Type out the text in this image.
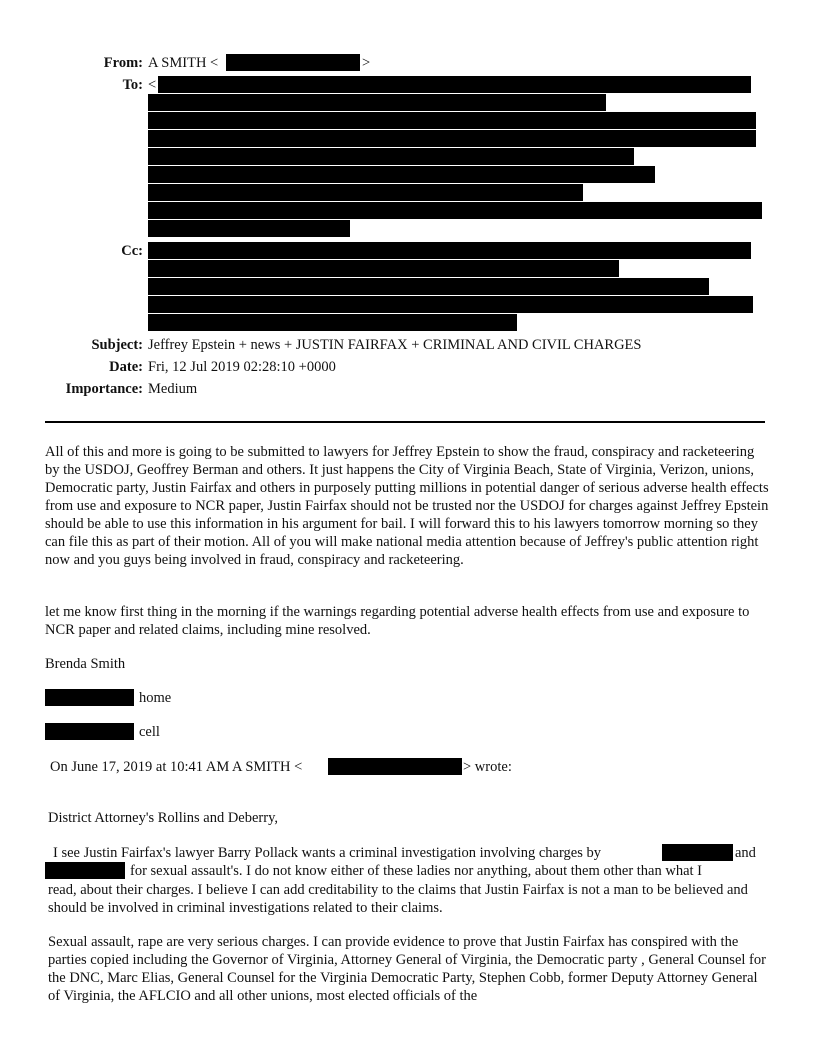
From: A SMITH <	>
To: <
Cc:
Subject: Jeffrey Epstein + news + JUSTIN FAIRFAX + CRIMINAL AND CIVIL CHARGES
Date: Fri, 12 Jul 2019 02:28:10 +0000
Importance: Medium

All of this and more is going to be submitted to lawyers for Jeffrey Epstein to show the fraud, conspiracy and racketeering by the USDOJ, Geoffrey Berman and others. It just happens the City of Virginia Beach, State of Virginia, Verizon, unions, Democratic party, Justin Fairfax and others in purposely putting millions in potential danger of serious adverse health effects from use and exposure to NCR paper, Justin Fairfax should not be trusted nor the USDOJ for charges against Jeffrey Epstein should be able to use this information in his argument for bail. I will forward this to his lawyers tomorrow morning so they can file this as part of their motion. All of you will make national media attention because of Jeffrey's public attention right now and you guys being involved in fraud, conspiracy and racketeering.

let me know first thing in the morning if the warnings regarding potential adverse health effects from use and exposure to NCR paper and related claims, including mine resolved.

Brenda Smith
home
cell
On June 17, 2019 at 10:41 AM A SMITH <	> wrote:
District Attorney's Rollins and Deberry,
I see Justin Fairfax's lawyer Barry Pollack wants a criminal investigation involving charges by	and
for sexual assault's. I do not know either of these ladies nor anything, about them other than what I

read, about their charges. I believe I can add creditability to the claims that Justin Fairfax is not a man to be believed and should be involved in criminal investigations related to their claims.

Sexual assault, rape are very serious charges. I can provide evidence to prove that Justin Fairfax has conspired with the parties copied including the Governor of Virginia, Attorney General of Virginia, the Democratic party , General Counsel for the DNC, Marc Elias, General Counsel for the Virginia Democratic Party, Stephen Cobb, former Deputy Attorney General of Virginia, the AFLCIO and all other unions, most elected officials of the
